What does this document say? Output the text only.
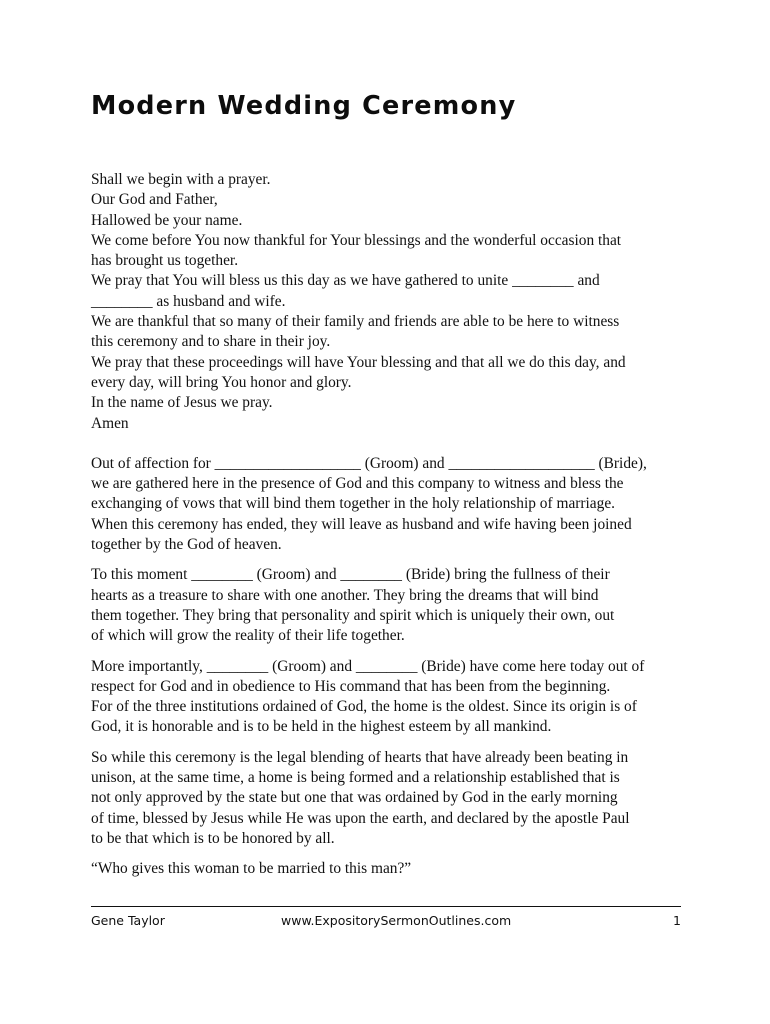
Modern Wedding Ceremony
Shall we begin with a prayer.
Our God and Father,
Hallowed be your name.
We come before You now thankful for Your blessings and the wonderful occasion that
has brought us together.
We pray that You will bless us this day as we have gathered to unite ________ and
________ as husband and wife.
We are thankful that so many of their family and friends are able to be here to witness
this ceremony and to share in their joy.
We pray that these proceedings will have Your blessing and that all we do this day, and
every day, will bring You honor and glory.
In the name of Jesus we pray.
Amen
Out of affection for ___________________ (Groom) and ___________________ (Bride),
we are gathered here in the presence of God and this company to witness and bless the
exchanging of vows that will bind them together in the holy relationship of marriage.
When this ceremony has ended, they will leave as husband and wife having been joined
together by the God of heaven.
To this moment ________ (Groom) and ________ (Bride) bring the fullness of their
hearts as a treasure to share with one another. They bring the dreams that will bind
them together. They bring that personality and spirit which is uniquely their own, out
of which will grow the reality of their life together.
More importantly, ________ (Groom) and ________ (Bride) have come here today out of
respect for God and in obedience to His command that has been from the beginning.
For of the three institutions ordained of God, the home is the oldest. Since its origin is of
God, it is honorable and is to be held in the highest esteem by all mankind.
So while this ceremony is the legal blending of hearts that have already been beating in
unison, at the same time, a home is being formed and a relationship established that is
not only approved by the state but one that was ordained by God in the early morning
of time, blessed by Jesus while He was upon the earth, and declared by the apostle Paul
to be that which is to be honored by all.
“Who gives this woman to be married to this man?”
Gene Taylor	www.ExpositorySermonOutlines.com	1
